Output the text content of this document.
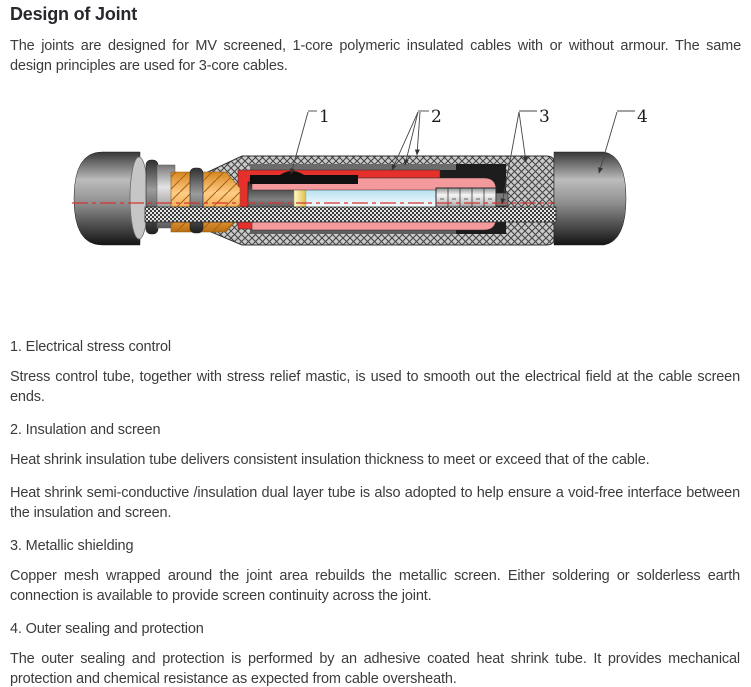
Design of Joint
The joints are designed for MV screened, 1-core polymeric insulated cables with or without armour. The same design principles are used for 3-core cables.
1	2	3	4
1. Electrical stress control

Stress control tube, together with stress relief mastic, is used to smooth out the electrical field at the cable screen ends.

2. Insulation and screen

Heat shrink insulation tube delivers consistent insulation thickness to meet or exceed that of the cable.

Heat shrink semi-conductive /insulation dual layer tube is also adopted to help ensure a void-free interface between the insulation and screen.

3. Metallic shielding

Copper mesh wrapped around the joint area rebuilds the metallic screen. Either soldering or solderless earth connection is available to provide screen continuity across the joint.

4. Outer sealing and protection

The outer sealing and protection is performed by an adhesive coated heat shrink tube. It provides mechanical protection and chemical resistance as expected from cable oversheath.
